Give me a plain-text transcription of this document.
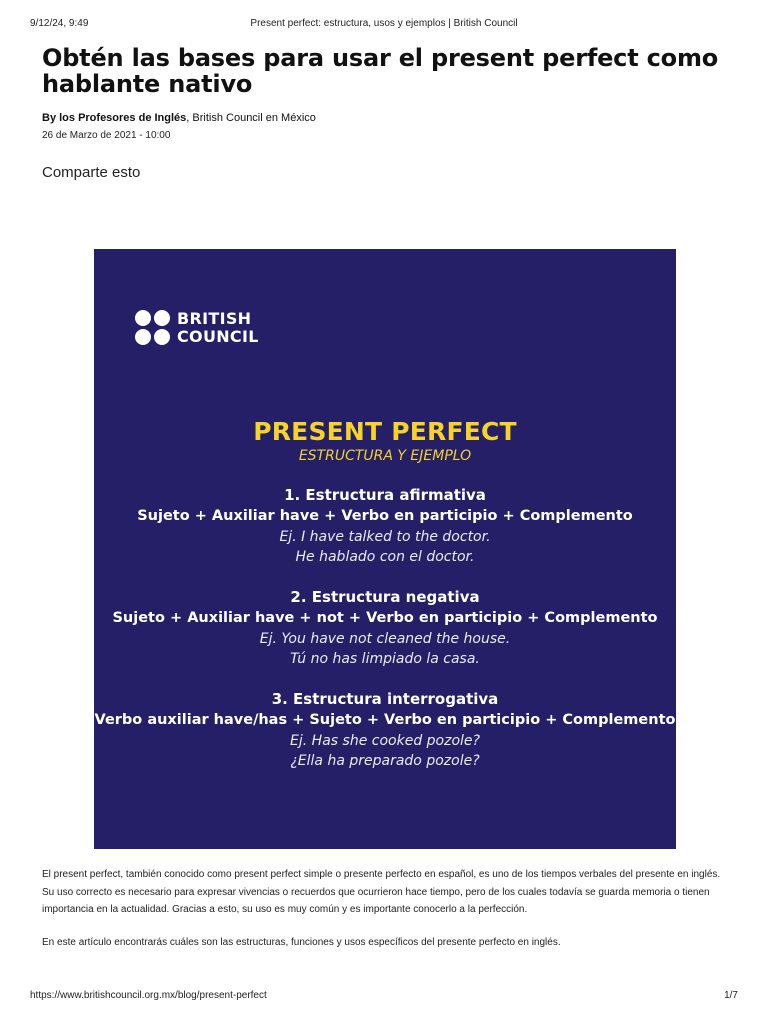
9/12/24, 9:49	Present perfect: estructura, usos y ejemplos | British Council
Obtén las bases para usar el present perfect como hablante nativo
By los Profesores de Inglés, British Council en México
26 de Marzo de 2021 - 10:00
Comparte esto
BRITISH
COUNCIL
PRESENT PERFECT
ESTRUCTURA Y EJEMPLO
1. Estructura afirmativa
Sujeto + Auxiliar have + Verbo en participio + Complemento
Ej. I have talked to the doctor.
He hablado con el doctor.
2. Estructura negativa
Sujeto + Auxiliar have + not + Verbo en participio + Complemento
Ej. You have not cleaned the house.
Tú no has limpiado la casa.
3. Estructura interrogativa
Verbo auxiliar have/has + Sujeto + Verbo en participio + Complemento
Ej. Has she cooked pozole?
¿Ella ha preparado pozole?

El present perfect, también conocido como present perfect simple o presente perfecto en español, es uno de los tiempos verbales del presente en inglés. Su uso correcto es necesario para expresar vivencias o recuerdos que ocurrieron hace tiempo, pero de los cuales todavía se guarda memoria o tienen importancia en la actualidad. Gracias a esto, su uso es muy común y es importante conocerlo a la perfección.

En este artículo encontrarás cuáles son las estructuras, funciones y usos específicos del presente perfecto en inglés.

https://www.britishcouncil.org.mx/blog/present-perfect	1/7
